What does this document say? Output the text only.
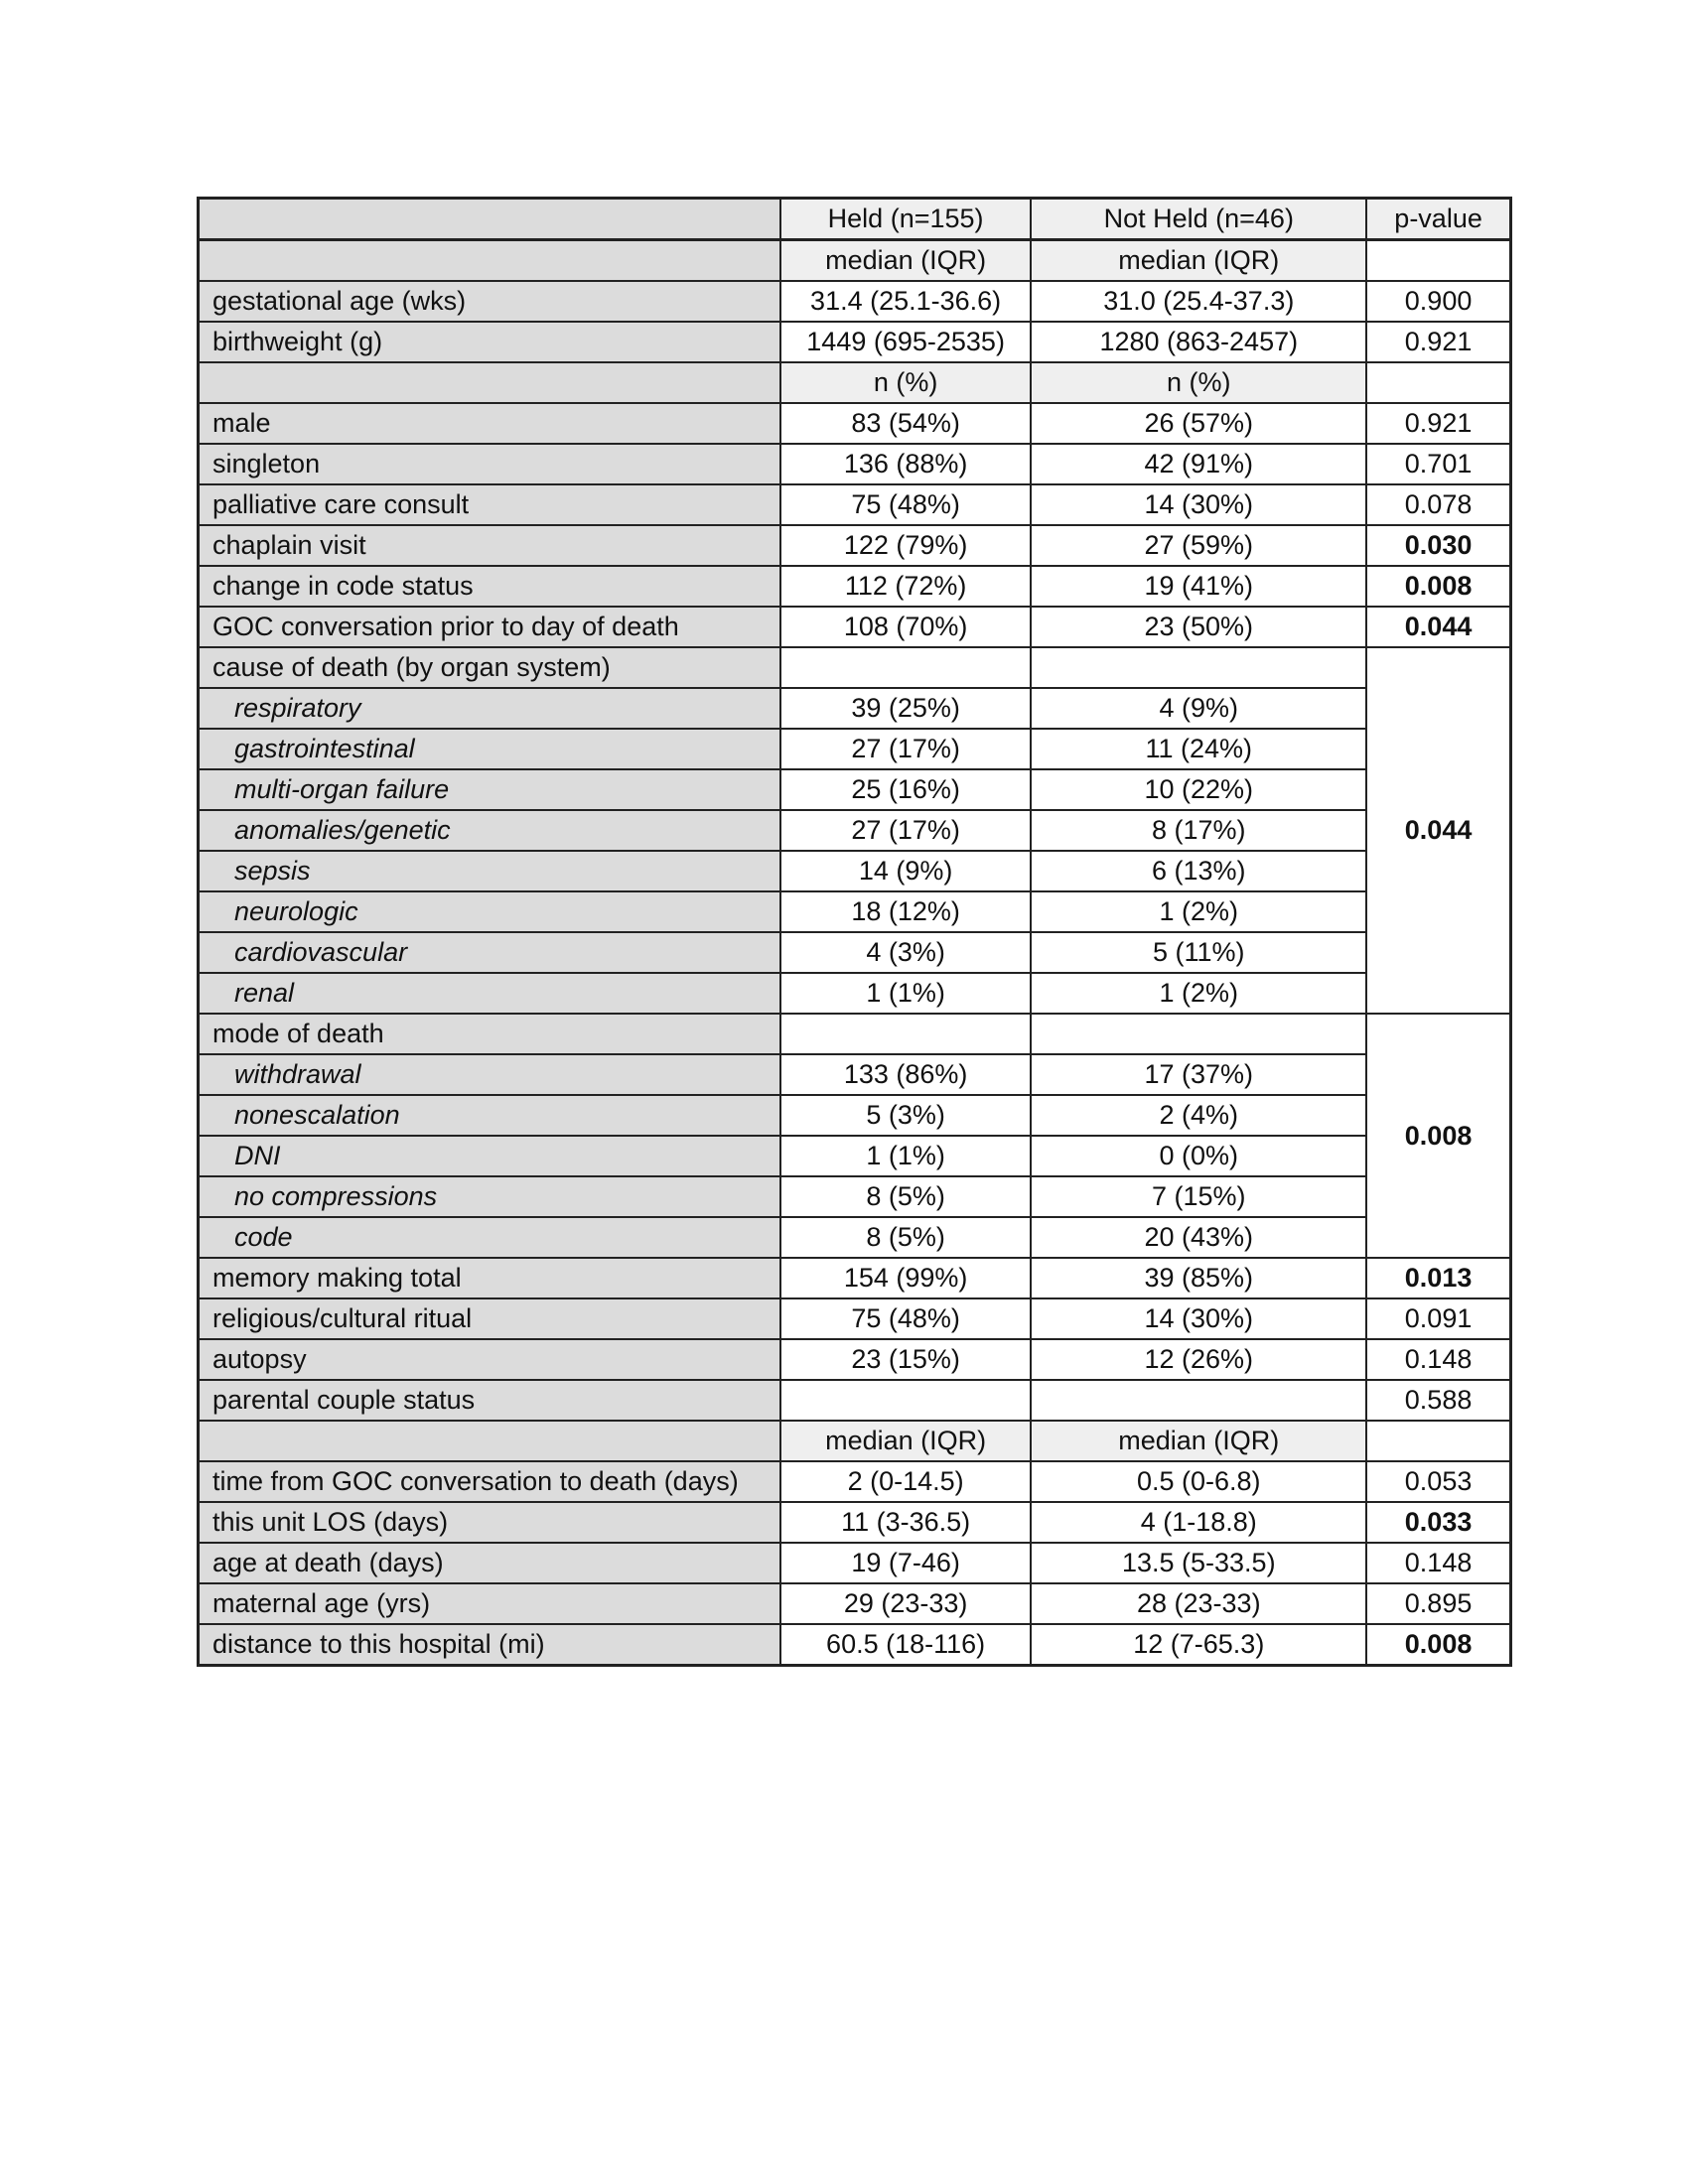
	Held (n=155)	Not Held (n=46)	p-value
	median (IQR)	median (IQR)	
gestational age (wks)	31.4 (25.1-36.6)	31.0 (25.4-37.3)	0.900
birthweight (g)	1449 (695-2535)	1280 (863-2457)	0.921
	n (%)	n (%)	
male	83 (54%)	26 (57%)	0.921
singleton	136 (88%)	42 (91%)	0.701
palliative care consult	75 (48%)	14 (30%)	0.078
chaplain visit	122 (79%)	27 (59%)	0.030
change in code status	112 (72%)	19 (41%)	0.008
GOC conversation prior to day of death	108 (70%)	23 (50%)	0.044
cause of death (by organ system)			0.044
respiratory	39 (25%)	4 (9%)	
gastrointestinal	27 (17%)	11 (24%)	
multi-organ failure	25 (16%)	10 (22%)	
anomalies/genetic	27 (17%)	8 (17%)	
sepsis	14 (9%)	6 (13%)	
neurologic	18 (12%)	1 (2%)	
cardiovascular	4 (3%)	5 (11%)	
renal	1 (1%)	1 (2%)	
mode of death			0.008
withdrawal	133 (86%)	17 (37%)	
nonescalation	5 (3%)	2 (4%)	
DNI	1 (1%)	0 (0%)	
no compressions	8 (5%)	7 (15%)	
code	8 (5%)	20 (43%)	
memory making total	154 (99%)	39 (85%)	0.013
religious/cultural ritual	75 (48%)	14 (30%)	0.091
autopsy	23 (15%)	12 (26%)	0.148
parental couple status			0.588
	median (IQR)	median (IQR)	
time from GOC conversation to death (days)	2 (0-14.5)	0.5 (0-6.8)	0.053
this unit LOS (days)	11 (3-36.5)	4 (1-18.8)	0.033
age at death (days)	19 (7-46)	13.5 (5-33.5)	0.148
maternal age (yrs)	29 (23-33)	28 (23-33)	0.895
distance to this hospital (mi)	60.5 (18-116)	12 (7-65.3)	0.008
